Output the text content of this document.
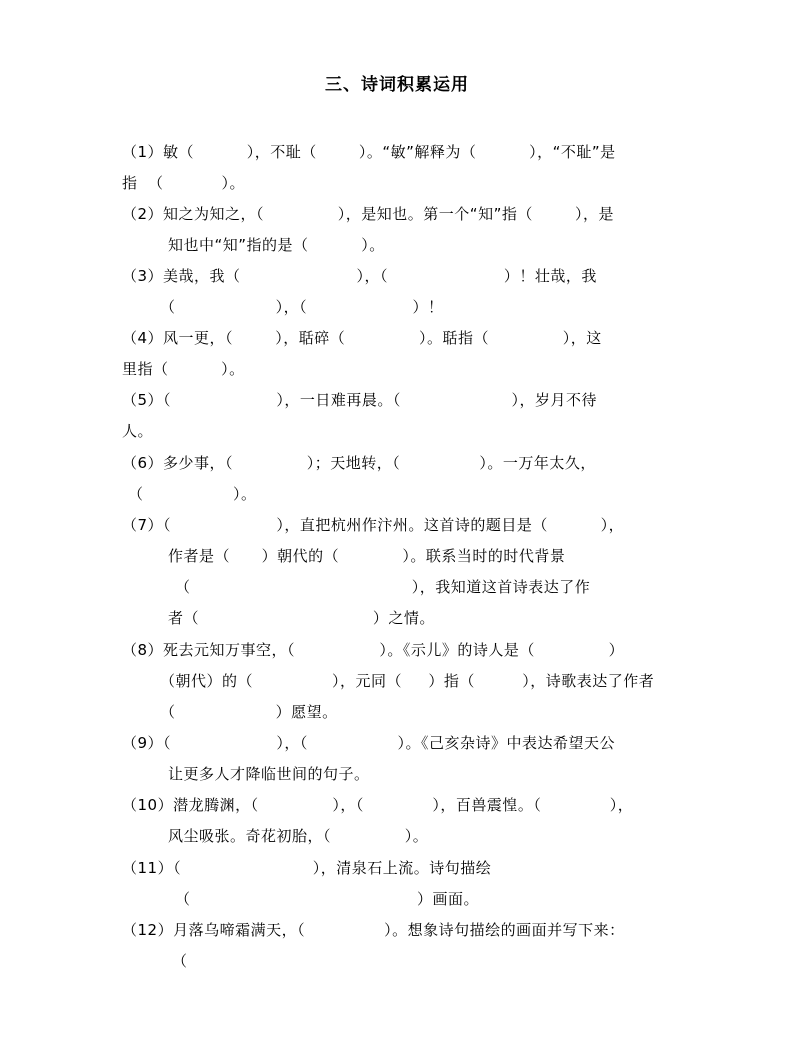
三、诗词积累运用
（1）敏（          ），不耻（        ）。“敏”解释为（          ），“不耻”是
指  （           ）。
（2）知之为知之，（              ），是知也。第一个“知”指（        ），是
知也中“知”指的是（          ）。
（3）美哉，我（                      ），（                      ）！壮哉，我
（                   ），（                    ）！
（4）风一更，（        ），聒碎（              ）。聒指（              ），这
里指（          ）。
（5）（                    ），一日难再晨。（                     ），岁月不待
人。
（6）多少事，（              ）；天地转，（               ）。一万年太久，
（                 ）。
（7）（                    ），直把杭州作汴州。这首诗的题目是（          ），
作者是（      ）朝代的（            ）。联系当时的时代背景
（                                          ），我知道这首诗表达了作
者（                                 ）之情。
（8）死去元知万事空，（                ）。《示儿》的诗人是（              ）
（朝代）的（               ），元同（     ）指（         ），诗歌表达了作者
（                   ）愿望。
（9）（                    ），（                 ）。《己亥杂诗》中表达希望天公
让更多人才降临世间的句子。
（10）潜龙腾渊，（              ），（             ），百兽震惶。（             ），
风尘吸张。奇花初胎，（              ）。
（11）（                         ），清泉石上流。诗句描绘
（                                           ）画面。
（12）月落乌啼霜满天，（               ）。想象诗句描绘的画面并写下来：
（
